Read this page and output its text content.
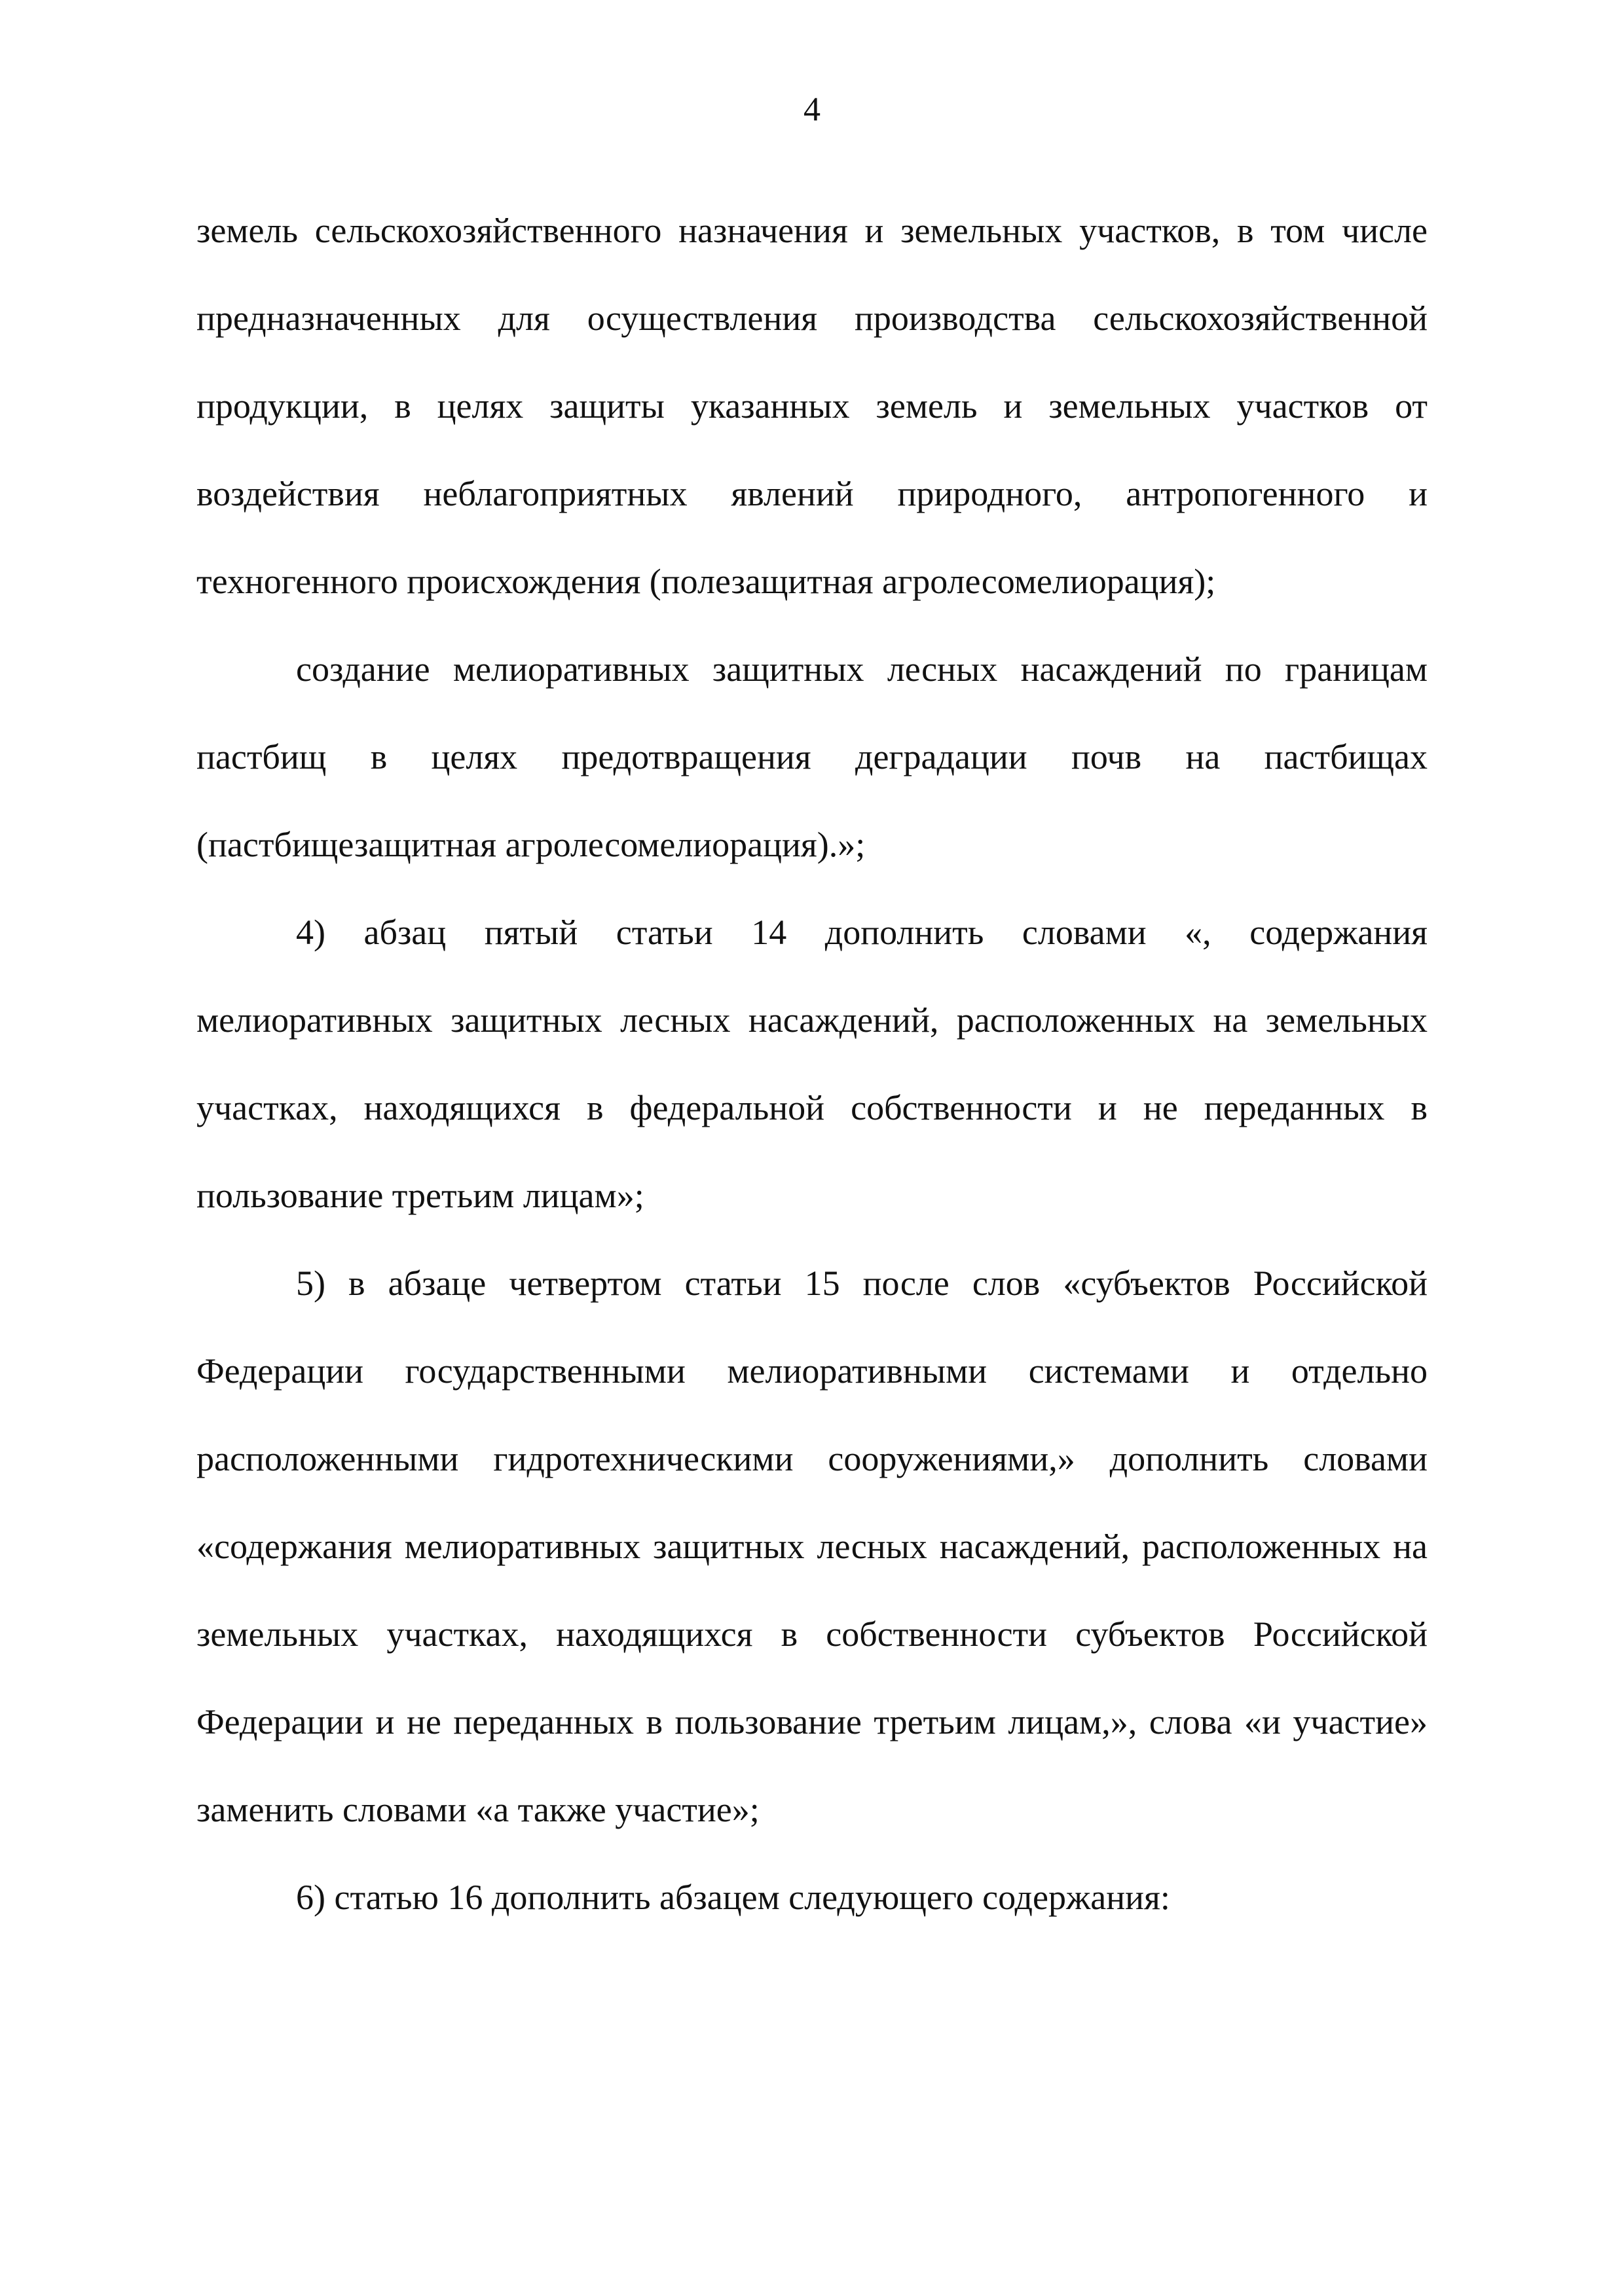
4

земель сельскохозяйственного назначения и земельных участков, в том числе предназначенных для осуществления производства сельскохозяйственной продукции, в целях защиты указанных земель и земельных участков от воздействия неблагоприятных явлений природного, антропогенного и техногенного происхождения (полезащитная агролесомелиорация);

создание мелиоративных защитных лесных насаждений по границам пастбищ в целях предотвращения деградации почв на пастбищах (пастбищезащитная агролесомелиорация).»;

4) абзац пятый статьи 14 дополнить словами «, содержания мелиоративных защитных лесных насаждений, расположенных на земельных участках, находящихся в федеральной собственности и не переданных в пользование третьим лицам»;

5) в абзаце четвертом статьи 15 после слов «субъектов Российской Федерации государственными мелиоративными системами и отдельно расположенными гидротехническими сооружениями,» дополнить словами «содержания мелиоративных защитных лесных насаждений, расположенных на земельных участках, находящихся в собственности субъектов Российской Федерации и не переданных в пользование третьим лицам,», слова «и участие» заменить словами «а также участие»;

6) статью 16 дополнить абзацем следующего содержания:
